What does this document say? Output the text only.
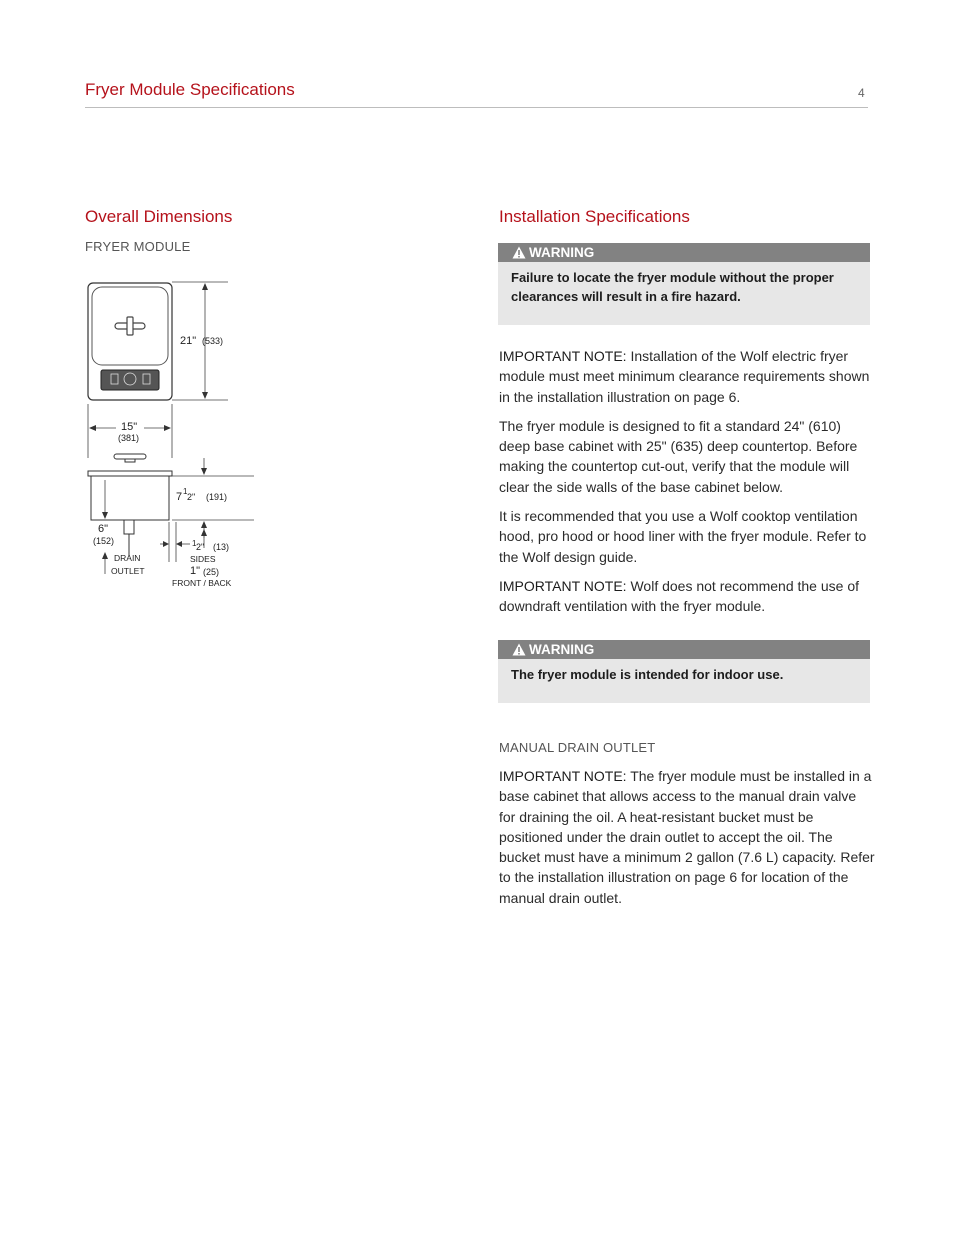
Fryer Module Specifications	4
Overall Dimensions
FRYER MODULE
21" (533)
15"
(381)
7 1
2" (191)
6"
(152)
DRAIN
OUTLET
1 2" (13)
SIDES
1" (25)
FRONT / BACK
Installation Specifications
WARNING
Failure to locate the fryer module without the proper clearances will result in a fire hazard.

IMPORTANT NOTE: Installation of the Wolf electric fryer module must meet minimum clearance requirements shown in the installation illustration on page 6.

The fryer module is designed to fit a standard 24" (610) deep base cabinet with 25" (635) deep countertop. Before making the countertop cut-out, verify that the module will clear the side walls of the base cabinet below.

It is recommended that you use a Wolf cooktop ventilation hood, pro hood or hood liner with the fryer module. Refer to the Wolf design guide.

IMPORTANT NOTE: Wolf does not recommend the use of downdraft ventilation with the fryer module.

WARNING
The fryer module is intended for indoor use.
MANUAL DRAIN OUTLET

IMPORTANT NOTE: The fryer module must be installed in a base cabinet that allows access to the manual drain valve for draining the oil. A heat-resistant bucket must be positioned under the drain outlet to accept the oil. The bucket must have a minimum 2 gallon (7.6 L) capacity. Refer to the installation illustration on page 6 for location of the manual drain outlet.
